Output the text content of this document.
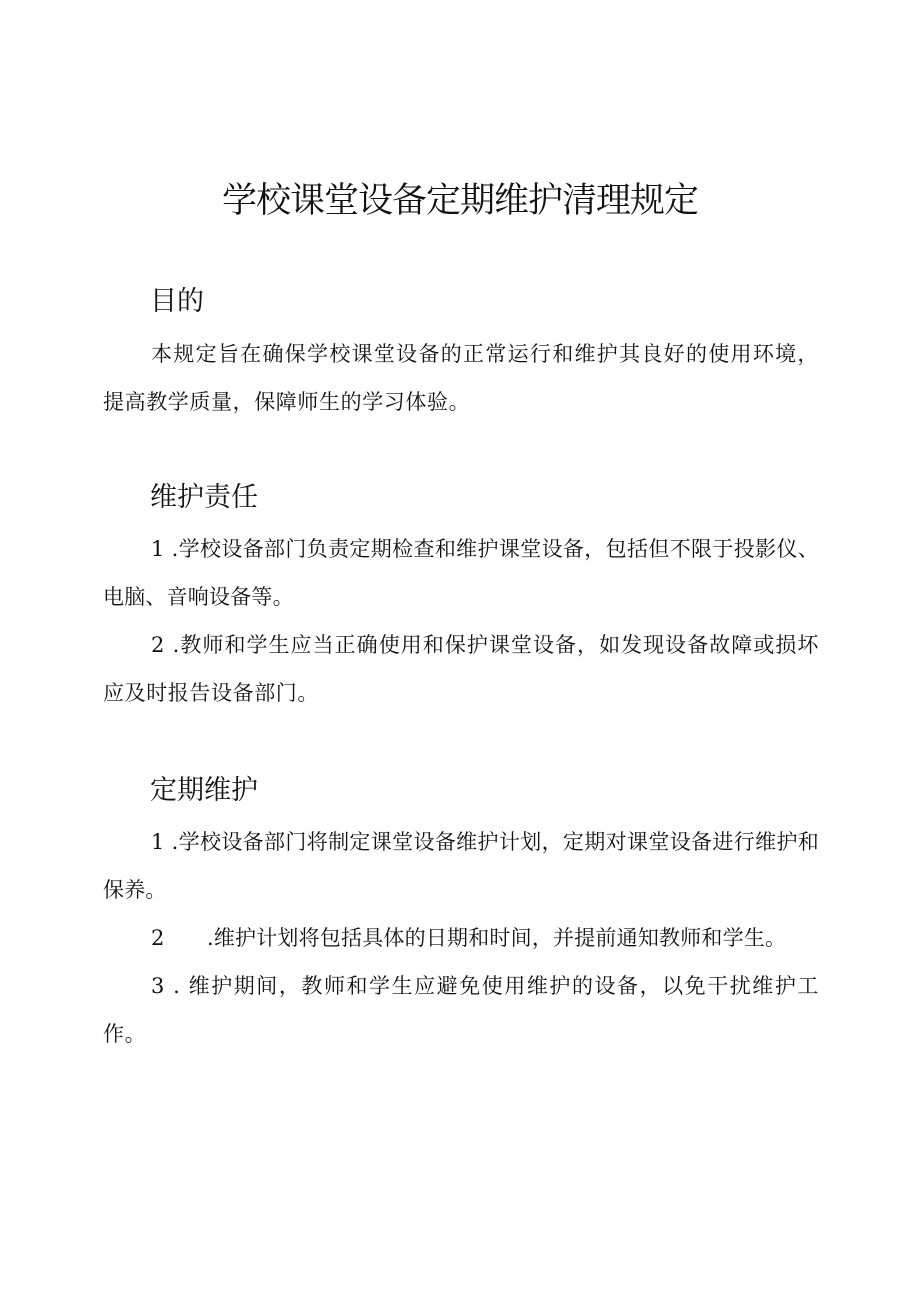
学校课堂设备定期维护清理规定
目的

本规定旨在确保学校课堂设备的正常运行和维护其良好的使用环境，提高教学质量，保障师生的学习体验。

维护责任

1 .学校设备部门负责定期检查和维护课堂设备，包括但不限于投影仪、电脑、音响设备等。

2 .教师和学生应当正确使用和保护课堂设备，如发现设备故障或损坏应及时报告设备部门。

定期维护

1 .学校设备部门将制定课堂设备维护计划，定期对课堂设备进行维护和保养。

2　　.维护计划将包括具体的日期和时间，并提前通知教师和学生。

3 . 维护期间，教师和学生应避免使用维护的设备，以免干扰维护工作。
